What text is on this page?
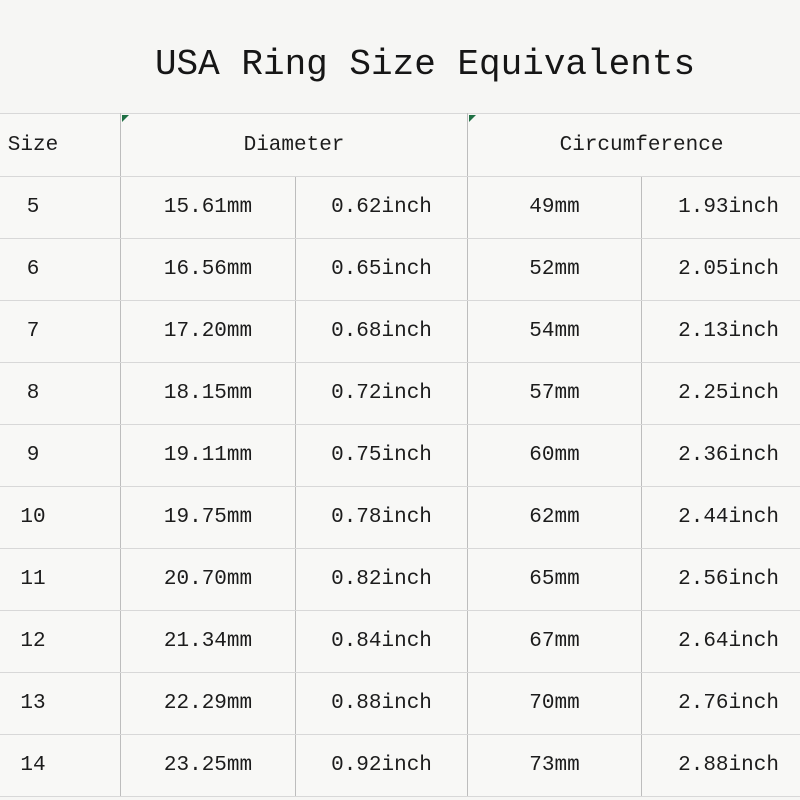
USA Ring Size Equivalents
Size	Diameter		Circumference	
5	15.61mm	0.62inch	49mm	1.93inch
6	16.56mm	0.65inch	52mm	2.05inch
7	17.20mm	0.68inch	54mm	2.13inch
8	18.15mm	0.72inch	57mm	2.25inch
9	19.11mm	0.75inch	60mm	2.36inch
10	19.75mm	0.78inch	62mm	2.44inch
11	20.70mm	0.82inch	65mm	2.56inch
12	21.34mm	0.84inch	67mm	2.64inch
13	22.29mm	0.88inch	70mm	2.76inch
14	23.25mm	0.92inch	73mm	2.88inch
